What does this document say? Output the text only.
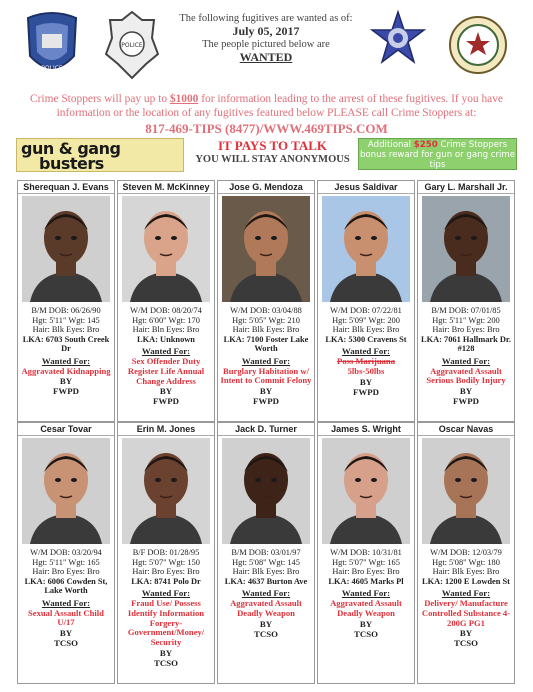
POLICE
POLICE
The following fugitives are wanted as of:
July 05, 2017
The people pictured below are
WANTED
Crime Stoppers will pay up to $1000 for information leading to the arrest of these fugitives. If you have information or the location of any fugitives featured below PLEASE call Crime Stoppers at:
817-469-TIPS (8477)/WWW.469TIPS.COM
gun & gang
busters
IT PAYS TO TALK
YOU WILL STAY ANONYMOUS
Additional $250 Crime Stoppers bonus reward for gun or gang crime tips
Sherequan J. Evans
B/M DOB: 06/26/90
Hgt: 5'11" Wgt: 145
Hair: Blk Eyes: Bro
LKA: 6703 South Creek Dr
Wanted For:
Aggravated Kidnapping
BY
FWPD
Steven M. McKinney
W/M DOB: 08/20/74
Hgt: 6'00" Wgt: 170
Hair: Bln Eyes: Bro
LKA: Unknown
Wanted For:
Sex Offender Duty Register Life Annual Change Address
BY
FWPD
Jose G. Mendoza
W/M DOB: 03/04/88
Hgt: 5'05" Wgt: 210
Hair: Blk Eyes: Bro
LKA: 7100 Foster Lake Worth
Wanted For:
Burglary Habitation w/ Intent to Commit Felony
BY
FWPD
Jesus Saldivar
W/M DOB: 07/22/81
Hgt: 5'09" Wgt: 200
Hair: Blk Eyes: Bro
LKA: 5300 Cravens St
Wanted For:
Poss Marijuana
5lbs-50lbs
BY
FWPD
Gary L. Marshall Jr.
B/M DOB: 07/01/85
Hgt: 5'11" Wgt: 200
Hair: Bro Eyes: Bro
LKA: 7061 Hallmark Dr. #128
Wanted For:
Aggravated Assault Serious Bodily Injury
BY
FWPD
Cesar Tovar
W/M DOB: 03/20/94
Hgt: 5'11" Wgt: 165
Hair: Bro Eyes: Bro
LKA: 6006 Cowden St, Lake Worth
Wanted For:
Sexual Assault Child U/17
BY
TCSO
Erin M. Jones
B/F DOB: 01/28/95
Hgt: 5'07" Wgt: 150
Hair: Bro Eyes: Bro
LKA: 8741 Polo Dr
Wanted For:
Fraud Use/ Possess Identify Information Forgery-Government/Money/ Security
BY
TCSO
Jack D. Turner
B/M DOB: 03/01/97
Hgt: 5'08" Wgt: 145
Hair: Blk Eyes: Bro
LKA: 4637 Burton Ave
Wanted For:
Aggravated Assault Deadly Weapon
BY
TCSO
James S. Wright
W/M DOB: 10/31/81
Hgt: 5'07" Wgt: 165
Hair: Bro Eyes: Bro
LKA: 4605 Marks Pl
Wanted For:
Aggravated Assault Deadly Weapon
BY
TCSO
Oscar Navas
W/M DOB: 12/03/79
Hgt: 5'08" Wgt: 180
Hair: Blk Eyes: Bro
LKA: 1200 E Lowden St
Wanted For:
Delivery/ Manufacture Controlled Substance 4-200G PG1
BY
TCSO
